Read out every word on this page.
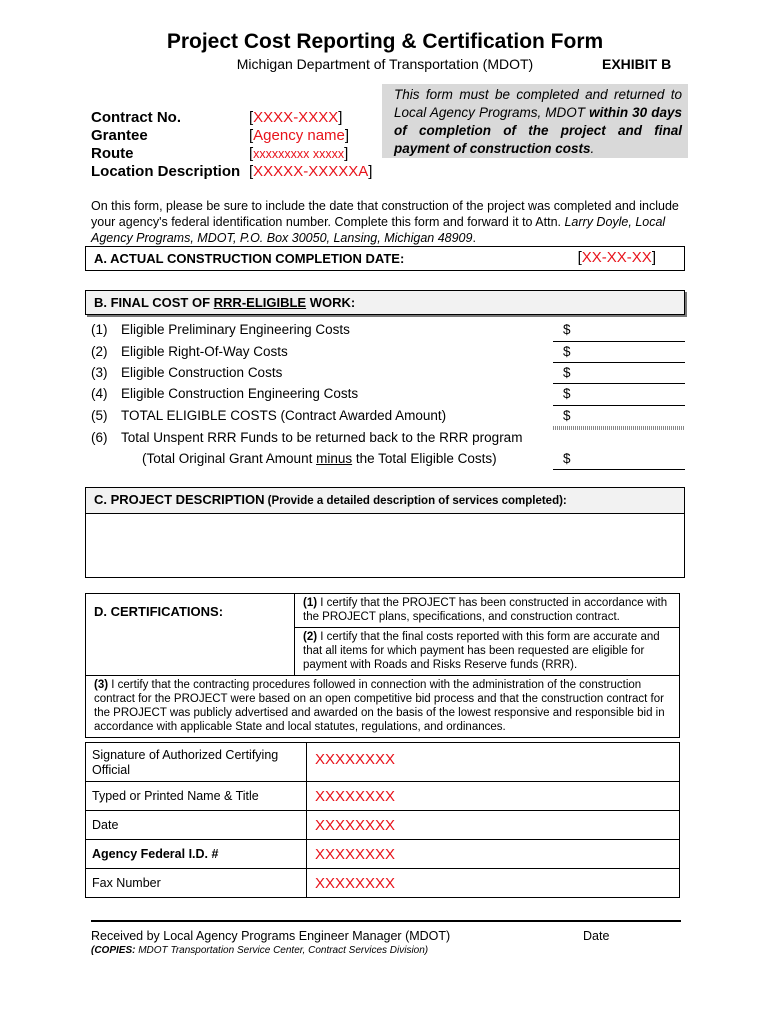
Project Cost Reporting & Certification Form
Michigan Department of Transportation (MDOT)	EXHIBIT B
This form must be completed and returned to Local Agency Programs, MDOT within 30 days of completion of the project and final payment of construction costs.
Contract No.	[XXXX-XXXX]
Grantee	[Agency name]
Route	[xxxxxxxxx xxxxx]
Location Description [XXXXX-XXXXXA]
On this form, please be sure to include the date that construction of the project was completed and include your agency's federal identification number. Complete this form and forward it to Attn. Larry Doyle, Local Agency Programs, MDOT, P.O. Box 30050, Lansing, Michigan 48909.
A. ACTUAL CONSTRUCTION COMPLETION DATE:	[XX-XX-XX]
B. FINAL COST OF RRR-ELIGIBLE WORK:
(1) Eligible Preliminary Engineering Costs	$
(2) Eligible Right-Of-Way Costs	$
(3) Eligible Construction Costs	$
(4) Eligible Construction Engineering Costs	$
(5) TOTAL ELIGIBLE COSTS (Contract Awarded Amount)	$
(6) Total Unspent RRR Funds to be returned back to the RRR program
(Total Original Grant Amount minus the Total Eligible Costs)	$
C. PROJECT DESCRIPTION (Provide a detailed description of services completed):
D. CERTIFICATIONS:	(1) I certify that the PROJECT has been constructed in accordance with the PROJECT plans, specifications, and construction contract.
(2) I certify that the final costs reported with this form are accurate and that all items for which payment has been requested are eligible for payment with Roads and Risks Reserve funds (RRR).
(3) I certify that the contracting procedures followed in connection with the administration of the construction contract for the PROJECT were based on an open competitive bid process and that the construction contract for the PROJECT was publicly advertised and awarded on the basis of the lowest responsive and responsible bid in accordance with applicable State and local statutes, regulations, and ordinances.
Signature of Authorized Certifying Official	XXXXXXXX
Typed or Printed Name & Title	XXXXXXXX
Date	XXXXXXXX
Agency Federal I.D. #	XXXXXXXX
Fax Number	XXXXXXXX
Received by Local Agency Programs Engineer Manager (MDOT)	Date
(COPIES: MDOT Transportation Service Center, Contract Services Division)
